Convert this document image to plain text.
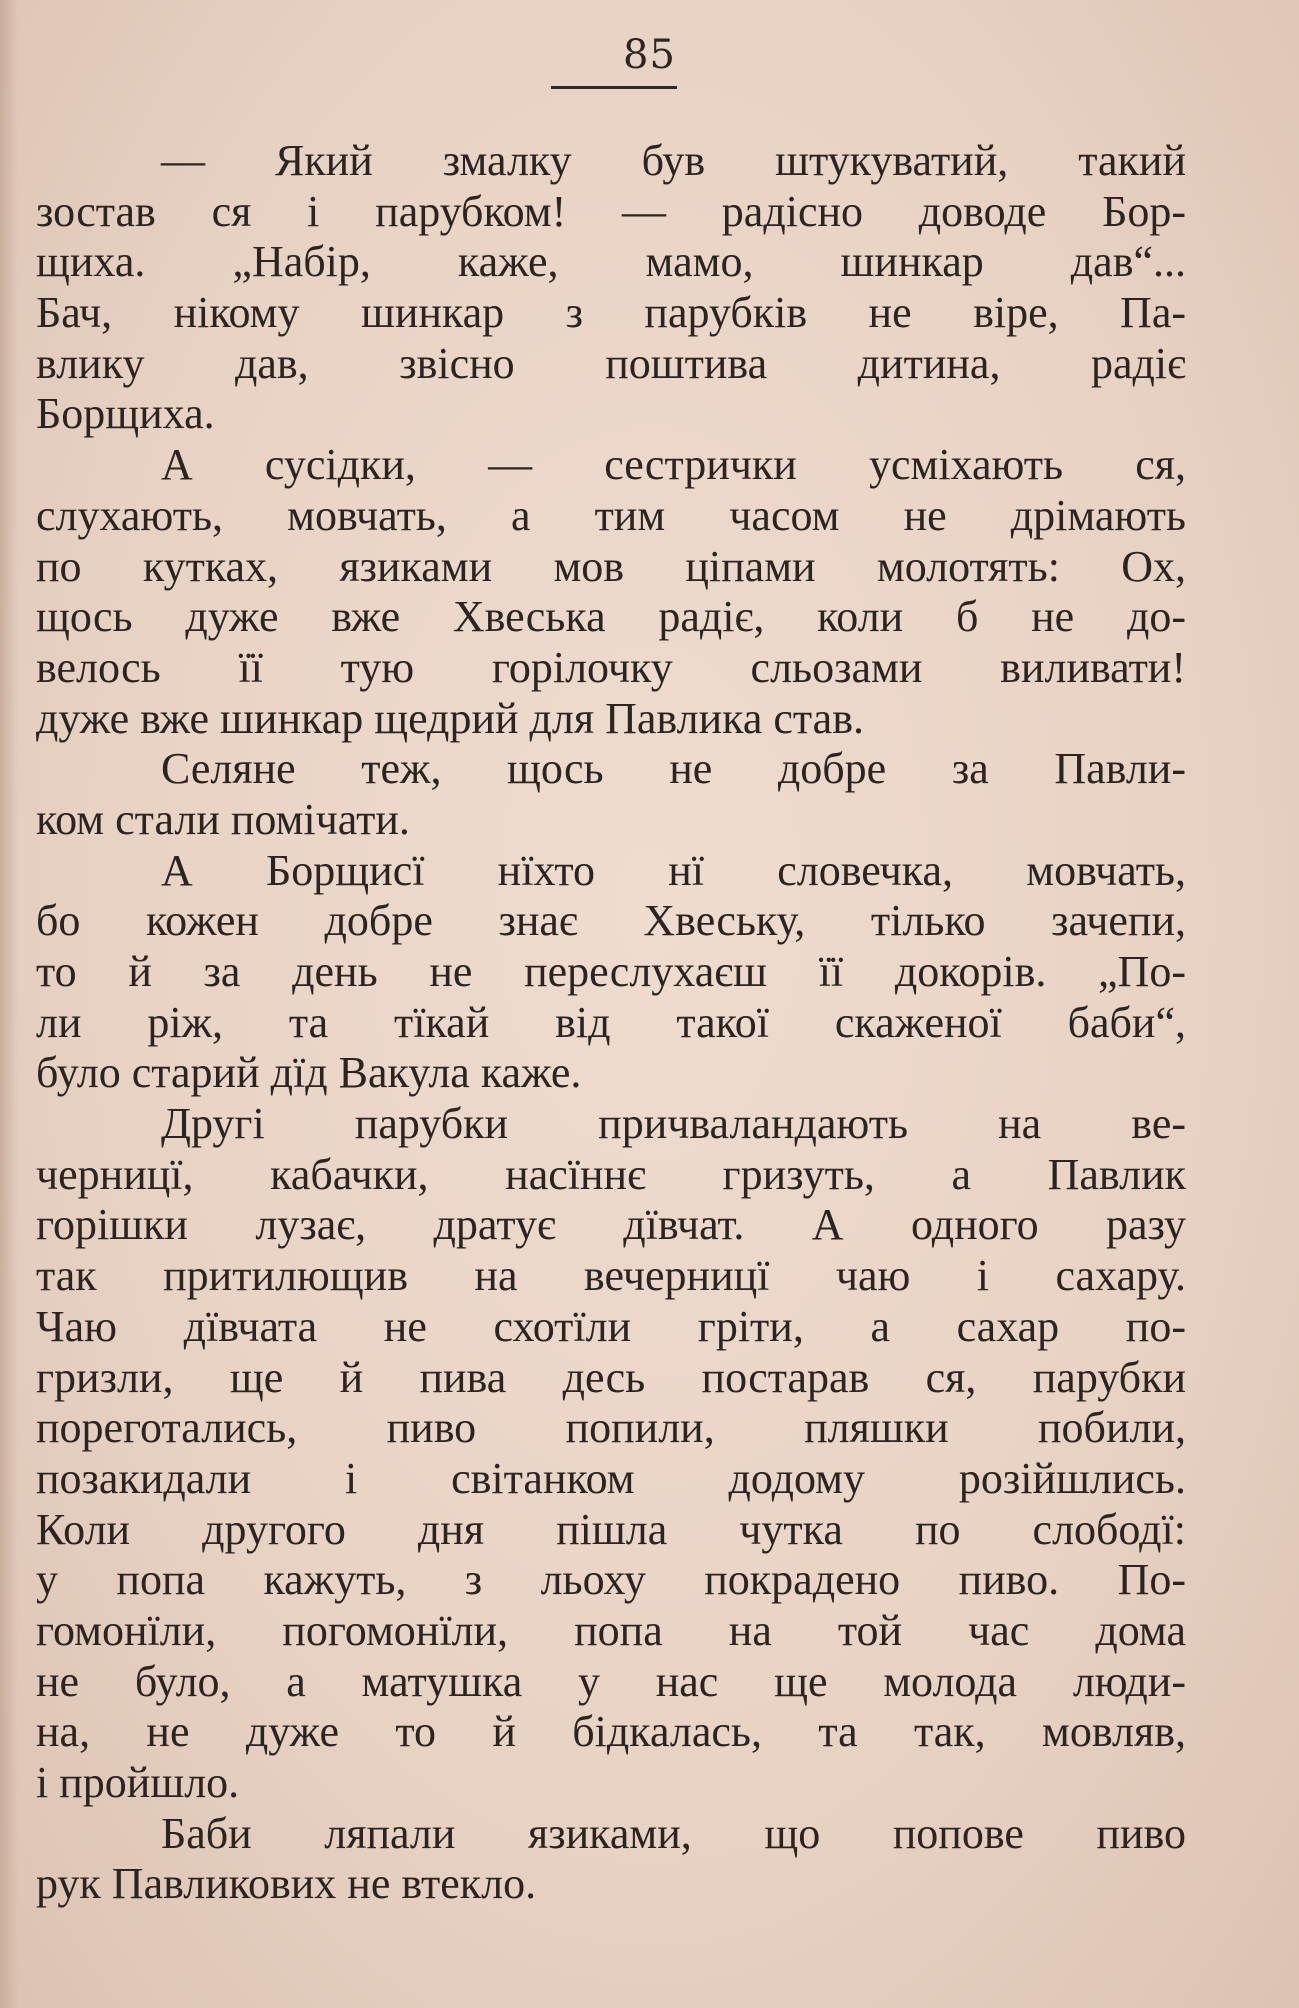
85
— Який змалку був штукуватий, такий
зостав ся і парубком! — радісно доводе Бор-
щиха. „Набір, каже, мамо, шинкар дав“...
Бач, нікому шинкар з парубків не віре, Па-
влику дав, звісно поштива дитина, радіє
Борщиха.
А сусідки, — сестрички усміхають ся,
слухають, мовчать, а тим часом не дрімають
по кутках, язиками мов ціпами молотять: Ох,
щось дуже вже Хвеська радіє, коли б не до-
велось її тую горілочку сльозами виливати!
дуже вже шинкар щедрий для Павлика став.
Селяне теж, щось не добре за Павли-
ком стали помічати.
А Борщисї нїхто нї словечка, мовчать,
бо кожен добре знає Хвеську, тілько зачепи,
то й за день не переслухаєш її докорів. „По-
ли ріж, та тїкай від такої скаженої баби“,
було старий дїд Вакула каже.
Другі парубки причваландають на ве-
черницї, кабачки, насїннє гризуть, а Павлик
горішки лузає, дратує дївчат. А одного разу
так притилющив на вечерницї чаю і сахару.
Чаю дївчата не схотїли гріти, а сахар по-
гризли, ще й пива десь постарав ся, парубки
пореготались, пиво попили, пляшки побили,
позакидали і світанком додому розійшлись.
Коли другого дня пішла чутка по слободї:
у попа кажуть, з льоху покрадено пиво. По-
гомонїли, погомонїли, попа на той час дома
не було, а матушка у нас ще молода люди-
на, не дуже то й бідкалась, та так, мовляв,
і пройшло.
Баби ляпали язиками, що попове пиво
рук Павликових не втекло.
